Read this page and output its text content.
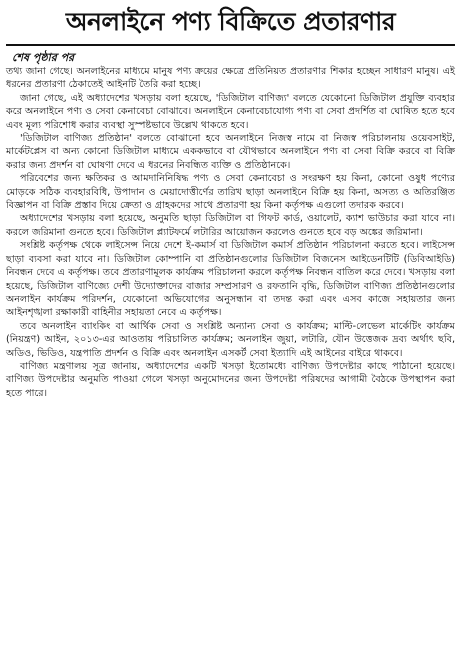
অনলাইনে পণ্য বিক্রিতে প্রতারণার
শেষ পৃষ্ঠার পর

তথ্য জানা গেছে। অনলাইনের মাধ্যমে মানুষ পণ্য ক্রয়ের ক্ষেত্রে প্রতিনিয়ত প্রতারণার শিকার হচ্ছেন সাধারণ মানুষ। এই ধরনের প্রতারণা ঠেকাতেই আইনটি তৈরি করা হচ্ছে।

জানা গেছে, এই অধ্যাদেশের খসড়ায় বলা হয়েছে, 'ডিজিটাল বাণিজ্য' বলতে যেকোনো ডিজিটাল প্রযুক্তি ব্যবহার করে অনলাইনে পণ্য ও সেবা কেনাবেচা বোঝাবে। অনলাইনে কেনাবেচাযোগ্য পণ্য বা সেবা প্রদর্শিত বা ঘোষিত হতে হবে এবং মূল্য পরিশোধ করার ব্যবস্থা সুস্পষ্টভাবে উল্লেখ থাকতে হবে।

'ডিজিটাল বাণিজ্য প্রতিষ্ঠান' বলতে বোঝানো হবে অনলাইনে নিজস্ব নামে বা নিজস্ব পরিচালনায় ওয়েবসাইট, মার্কেটপ্লেস বা অন্য কোনো ডিজিটাল মাধ্যমে এককভাবে বা যৌথভাবে অনলাইনে পণ্য বা সেবা বিক্রি করবে বা বিক্রি করার জন্য প্রদর্শন বা ঘোষণা দেবে এ ধরনের নিবন্ধিত ব্যক্তি ও প্রতিষ্ঠানকে।

পরিবেশের জন্য ক্ষতিকর ও আমদানিনিষিদ্ধ পণ্য ও সেবা কেনাবেচা ও সংরক্ষণ হয় কিনা, কোনো ওষুধ পণ্যের মোড়কে সঠিক ব্যবহারবিধি, উপাদান ও মেয়াদোত্তীর্ণের তারিখ ছাড়া অনলাইনে বিক্রি হয় কিনা, অসত্য ও অতিরঞ্জিত বিজ্ঞাপন বা বিক্রি প্রস্তাব দিয়ে ক্রেতা ও গ্রাহকদের সাথে প্রতারণা হয় কিনা কর্তৃপক্ষ এগুলো তদারক করবে।

অধ্যাদেশের খসড়ায় বলা হয়েছে, অনুমতি ছাড়া ডিজিটাল বা গিফট কার্ড, ওয়ালেট, ক্যাশ ভাউচার করা যাবে না। করলে জরিমানা গুনতে হবে। ডিজিটাল প্ল্যাটফর্মে লটারির আয়োজন করলেও গুনতে হবে বড় অঙ্কের জরিমানা।

সংশ্লিষ্ট কর্তৃপক্ষ থেকে লাইসেন্স নিয়ে দেশে ই-কমার্স বা ডিজিটাল কমার্স প্রতিষ্ঠান পরিচালনা করতে হবে। লাইসেন্স ছাড়া ব্যবসা করা যাবে না। ডিজিটাল কোম্পানি বা প্রতিষ্ঠানগুলোর ডিজিটাল বিজনেস আইডেনটিটি (ডিবিআইডি) নিবন্ধন দেবে এ কর্তৃপক্ষ। তবে প্রতারণামূলক কার্যক্রম পরিচালনা করলে কর্তৃপক্ষ নিবন্ধন বাতিল করে দেবে। খসড়ায় বলা হয়েছে, ডিজিটাল বাণিজ্যে দেশী উদ্যোক্তাদের বাজার সম্প্রসারণ ও রফতানি বৃদ্ধি, ডিজিটাল বাণিজ্য প্রতিষ্ঠানগুলোর অনলাইন কার্যক্রম পরিদর্শন, যেকোনো অভিযোগের অনুসন্ধান বা তদন্ত করা এবং এসব কাজে সহায়তার জন্য আইনশৃঙ্খলা রক্ষাকারী বাহিনীর সহায়তা নেবে এ কর্তৃপক্ষ।

তবে অনলাইন ব্যাংকিং বা আর্থিক সেবা ও সংশ্লিষ্ট অন্যান্য সেবা ও কার্যক্রম; মাল্টি-লেভেল মার্কেটিং কার্যক্রম (নিয়ন্ত্রণ) আইন, ২০১৩-এর আওতায় পরিচালিত কার্যক্রম; অনলাইন জুয়া, লটারি, যৌন উত্তেজক দ্রব্য অর্থাৎ ছবি, অডিও, ভিডিও, যন্ত্রপাতি প্রদর্শন ও বিক্রি এবং অনলাইন এসকর্ট সেবা ইত্যাদি এই আইনের বাইরে থাকবে।

বাণিজ্য মন্ত্রণালয় সূত্র জানায়, অধ্যাদেশের একটি খসড়া ইতোমধ্যে বাণিজ্য উপদেষ্টার কাছে পাঠানো হয়েছে। বাণিজ্য উপদেষ্টার অনুমতি পাওয়া গেলে খসড়া অনুমোদনের জন্য উপদেষ্টা পরিষদের আগামী বৈঠকে উপস্থাপন করা হতে পারে।
